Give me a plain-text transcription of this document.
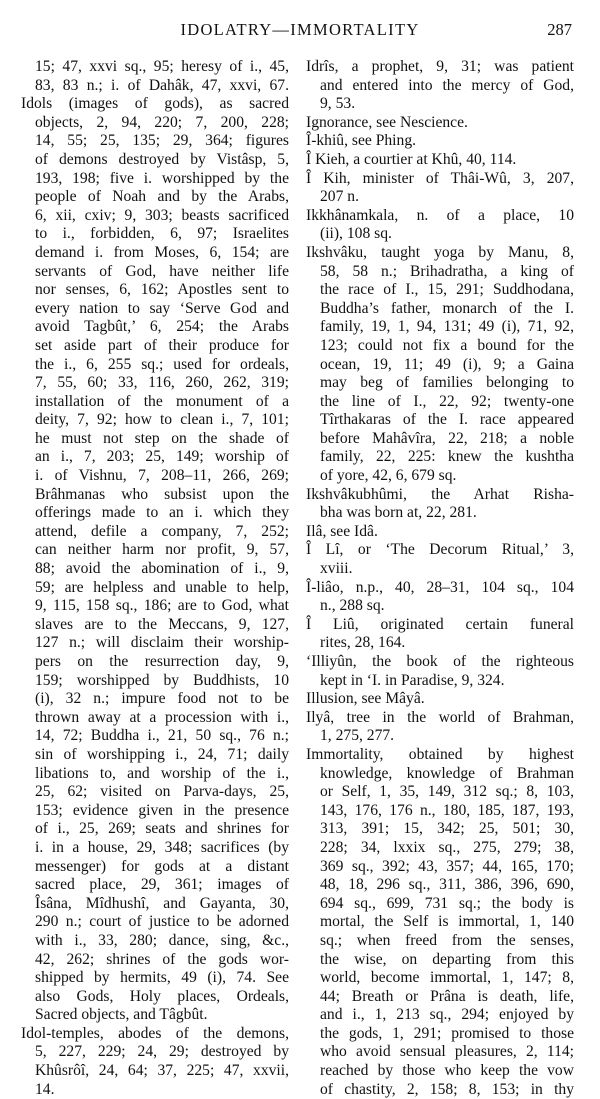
IDOLATRY—IMMORTALITY	287
15; 47, xxvi sq., 95; heresy of i., 45,
83, 83 n.; i. of Dahâk, 47, xxvi, 67.
Idols (images of gods), as sacred
objects, 2, 94, 220; 7, 200, 228;
14, 55; 25, 135; 29, 364; figures
of demons destroyed by Vistâsp, 5,
193, 198; five i. worshipped by the
people of Noah and by the Arabs,
6, xii, cxiv; 9, 303; beasts sacrificed
to i., forbidden, 6, 97; Israelites
demand i. from Moses, 6, 154; are
servants of God, have neither life
nor senses, 6, 162; Apostles sent to
every nation to say ‘Serve God and
avoid Tagbût,’ 6, 254; the Arabs
set aside part of their produce for
the i., 6, 255 sq.; used for ordeals,
7, 55, 60; 33, 116, 260, 262, 319;
installation of the monument of a
deity, 7, 92; how to clean i., 7, 101;
he must not step on the shade of
an i., 7, 203; 25, 149; worship of
i. of Vishnu, 7, 208–11, 266, 269;
Brâhmanas who subsist upon the
offerings made to an i. which they
attend, defile a company, 7, 252;
can neither harm nor profit, 9, 57,
88; avoid the abomination of i., 9,
59; are helpless and unable to help,
9, 115, 158 sq., 186; are to God, what
slaves are to the Meccans, 9, 127,
127 n.; will disclaim their worship-
pers on the resurrection day, 9,
159; worshipped by Buddhists, 10
(i), 32 n.; impure food not to be
thrown away at a procession with i.,
14, 72; Buddha i., 21, 50 sq., 76 n.;
sin of worshipping i., 24, 71; daily
libations to, and worship of the i.,
25, 62; visited on Parva-days, 25,
153; evidence given in the presence
of i., 25, 269; seats and shrines for
i. in a house, 29, 348; sacrifices (by
messenger) for gods at a distant
sacred place, 29, 361; images of
Îsâna, Mîdhushî, and Gayanta, 30,
290 n.; court of justice to be adorned
with i., 33, 280; dance, sing, &c.,
42, 262; shrines of the gods wor-
shipped by hermits, 49 (i), 74. See
also Gods, Holy places, Ordeals,
Sacred objects, and Tâgbût.
Idol-temples, abodes of the demons,
5, 227, 229; 24, 29; destroyed by
Khûsrôî, 24, 64; 37, 225; 47, xxvii,
14.
Idrîs, a prophet, 9, 31; was patient
and entered into the mercy of God,
9, 53.
Ignorance, see Nescience.
Î-khiû, see Phing.
Î Kieh, a courtier at Khû, 40, 114.
Î Kih, minister of Thâi-Wû, 3, 207,
207 n.
Ikkhânamkala, n. of a place, 10
(ii), 108 sq.
Ikshvâku, taught yoga by Manu, 8,
58, 58 n.; Brihadratha, a king of
the race of I., 15, 291; Suddhodana,
Buddha’s father, monarch of the I.
family, 19, 1, 94, 131; 49 (i), 71, 92,
123; could not fix a bound for the
ocean, 19, 11; 49 (i), 9; a Gaina
may beg of families belonging to
the line of I., 22, 92; twenty-one
Tîrthakaras of the I. race appeared
before Mahâvîra, 22, 218; a noble
family, 22, 225: knew the kushtha
of yore, 42, 6, 679 sq.
Ikshvâkubhûmi, the Arhat Risha-
bha was born at, 22, 281.
Ilâ, see Idâ.
Î Lî, or ‘The Decorum Ritual,’ 3,
xviii.
Î-liâo, n.p., 40, 28–31, 104 sq., 104
n., 288 sq.
Î Liû, originated certain funeral
rites, 28, 164.
‘Illiyûn, the book of the righteous
kept in ‘I. in Paradise, 9, 324.
Illusion, see Mâyâ.
Ilyâ, tree in the world of Brahman,
1, 275, 277.
Immortality, obtained by highest
knowledge, knowledge of Brahman
or Self, 1, 35, 149, 312 sq.; 8, 103,
143, 176, 176 n., 180, 185, 187, 193,
313, 391; 15, 342; 25, 501; 30,
228; 34, lxxix sq., 275, 279; 38,
369 sq., 392; 43, 357; 44, 165, 170;
48, 18, 296 sq., 311, 386, 396, 690,
694 sq., 699, 731 sq.; the body is
mortal, the Self is immortal, 1, 140
sq.; when freed from the senses,
the wise, on departing from this
world, become immortal, 1, 147; 8,
44; Breath or Prâna is death, life,
and i., 1, 213 sq., 294; enjoyed by
the gods, 1, 291; promised to those
who avoid sensual pleasures, 2, 114;
reached by those who keep the vow
of chastity, 2, 158; 8, 153; in thy
